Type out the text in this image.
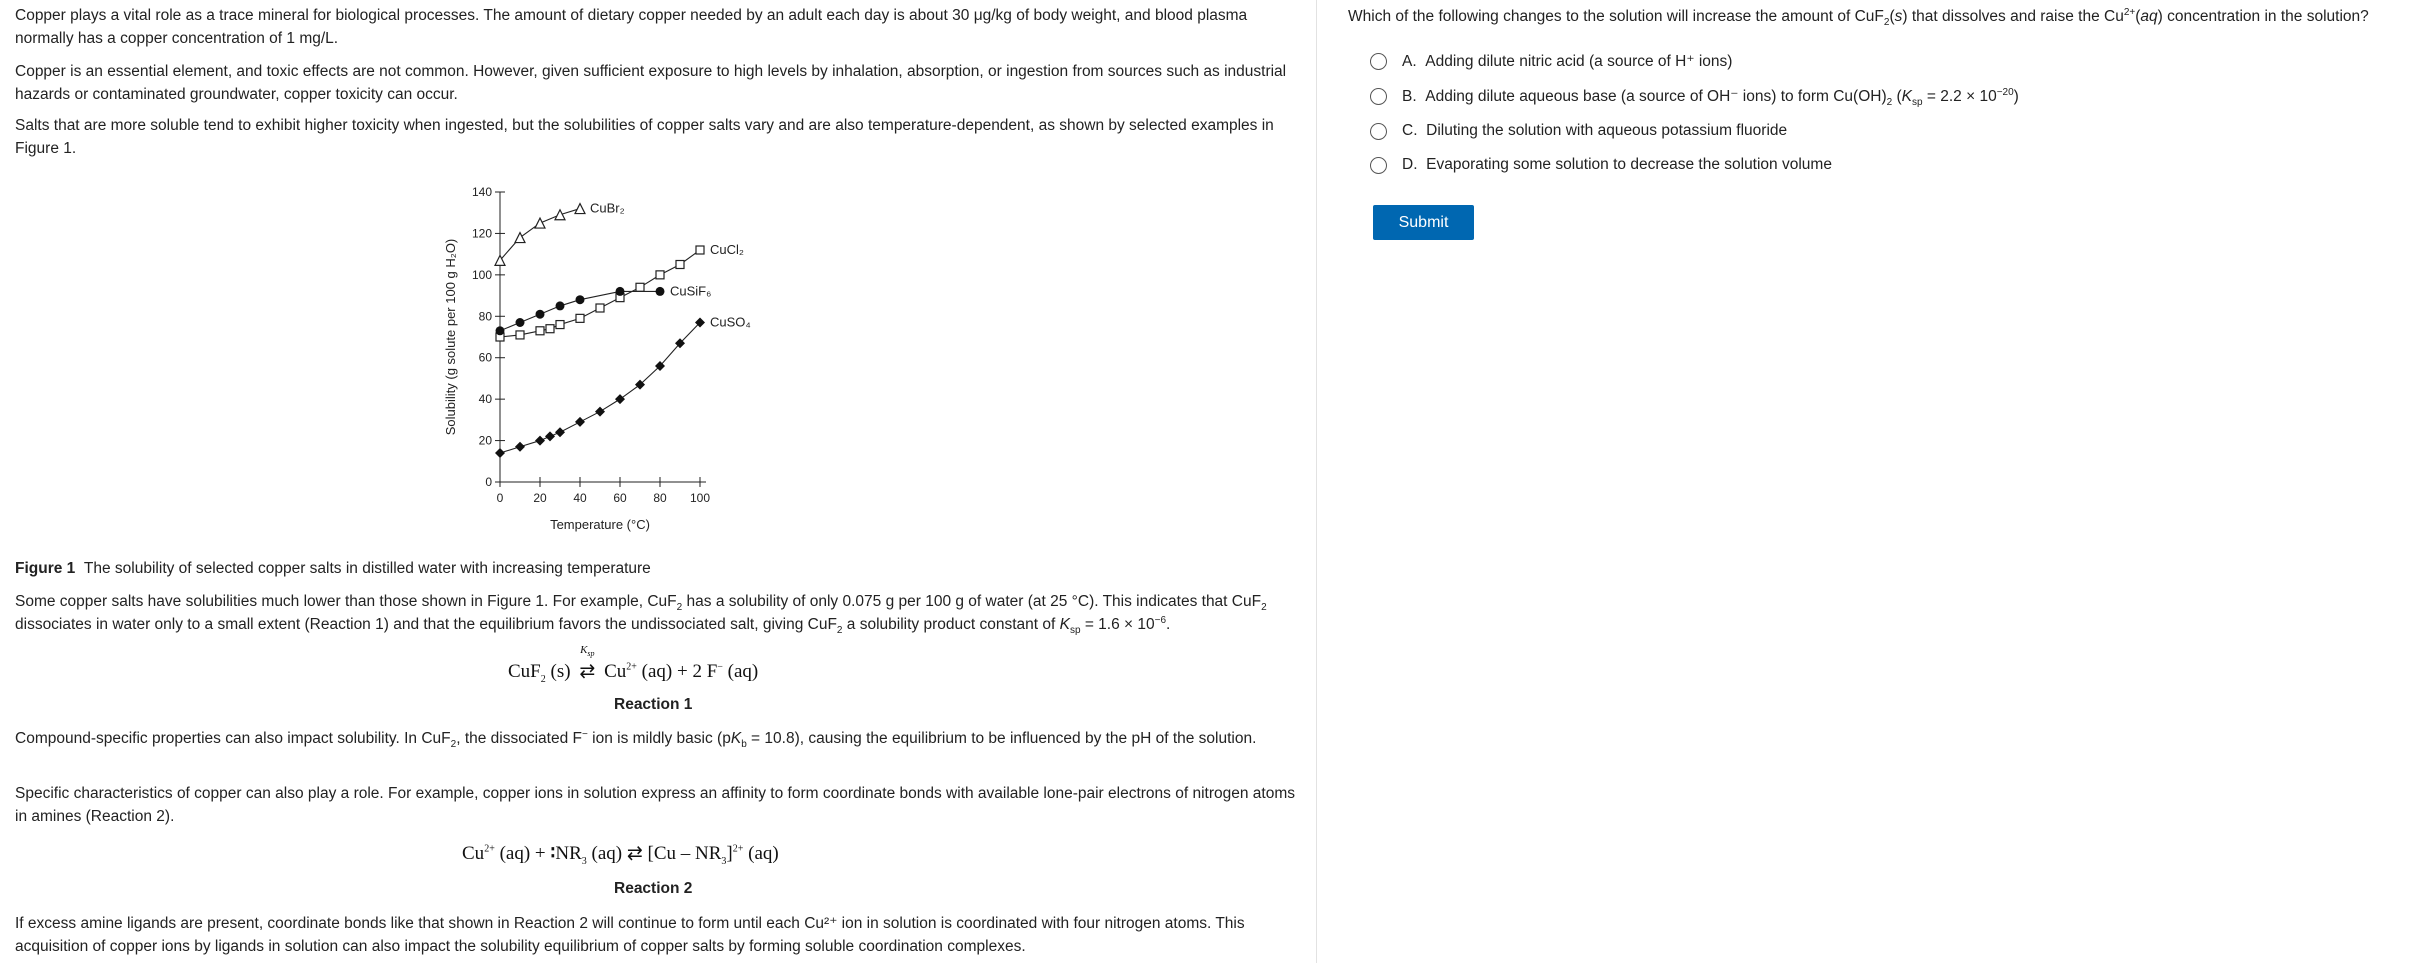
Copper plays a vital role as a trace mineral for biological processes. The amount of dietary copper needed by an adult each day is about 30 μg/kg of body weight, and blood plasma normally has a copper concentration of 1 mg/L.

Copper is an essential element, and toxic effects are not common. However, given sufficient exposure to high levels by inhalation, absorption, or ingestion from sources such as industrial hazards or contaminated groundwater, copper toxicity can occur.

Salts that are more soluble tend to exhibit higher toxicity when ingested, but the solubilities of copper salts vary and are also temperature-dependent, as shown by selected examples in Figure 1.

0
20
40
60
80
100
120
140
0 20 40 60 80 100
Temperature (°C)
Solubility (g solute per 100 g H₂O)
CuBr₂
CuCl₂
CuSiF₆
CuSO₄
Figure 1 The solubility of selected copper salts in distilled water with increasing temperature

Some copper salts have solubilities much lower than those shown in Figure 1. For example, CuF$_2$ has a solubility of only 0.075 g per 100 g of water (at 25 °C). This indicates that CuF$_2$ dissociates in water only to a small extent (Reaction 1) and that the equilibrium favors the undissociated salt, giving CuF$_2$ a solubility product constant of $K_{sp} = 1.6 \times 10^{-6}$.

CuF$_2$ (s)
$K_{sp}$
⇄ $Cu^{2+}$ (aq) + 2 F− (aq)
Reaction 1

Compound-specific properties can also impact solubility. In CuF$_2$, the dissociated F− ion is mildly basic $(pK_b = 10.8)$, causing the equilibrium to be influenced by the pH of the solution.

Specific characteristics of copper can also play a role. For example, copper ions in solution express an affinity to form coordinate bonds with available lone-pair electrons of nitrogen atoms in amines (Reaction 2).

$Cu^{2+}$ $(aq) + ∶NR_3$ (aq) ⇄ $[Cu - NR_3]^{2+}$ (aq)
Reaction 2

If excess amine ligands are present, coordinate bonds like that shown in Reaction 2 will continue to form until each Cu²⁺ ion in solution is coordinated with four nitrogen atoms. This acquisition of copper ions by ligands in solution can also impact the solubility equilibrium of copper salts by forming soluble coordination complexes.

Which of the following changes to the solution will increase the amount of CuF$_2$(s) that dissolves and raise the $Cu^{2+}(aq)$ concentration in the solution?

A.
Adding dilute nitric acid (a source of H⁺ ions)
B.
Adding dilute aqueous base (a source of OH⁻ ions) to form $Cu(OH)_2$ $(K_{sp} = 2.2 \times 10^{-20})$
C.
Diluting the solution with aqueous potassium fluoride
D.
Evaporating some solution to decrease the solution volume
Submit
